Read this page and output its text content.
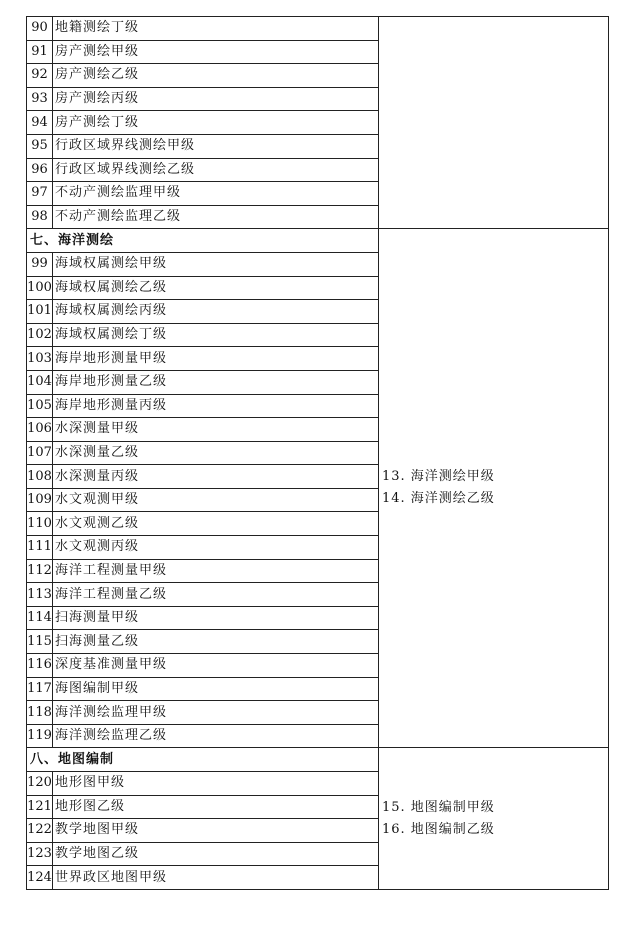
90	地籍测绘丁级	
91	房产测绘甲级	
92	房产测绘乙级	
93	房产测绘丙级	
94	房产测绘丁级	
95	行政区域界线测绘甲级	
96	行政区域界线测绘乙级	
97	不动产测绘监理甲级	
98	不动产测绘监理乙级	
七、海洋测绘		13. 海洋测绘甲级
14. 海洋测绘乙级

99	海域权属测绘甲级	
100	海域权属测绘乙级	
101	海域权属测绘丙级	
102	海域权属测绘丁级	
103	海岸地形测量甲级	
104	海岸地形测量乙级	
105	海岸地形测量丙级	
106	水深测量甲级	
107	水深测量乙级	
108	水深测量丙级	
109	水文观测甲级	
110	水文观测乙级	
111	水文观测丙级	
112	海洋工程测量甲级	
113	海洋工程测量乙级	
114	扫海测量甲级	
115	扫海测量乙级	
116	深度基准测量甲级	
117	海图编制甲级	
118	海洋测绘监理甲级	
119	海洋测绘监理乙级	
八、地图编制		15. 地图编制甲级
16. 地图编制乙级

120	地形图甲级	
121	地形图乙级	
122	教学地图甲级	
123	教学地图乙级	
124	世界政区地图甲级	
